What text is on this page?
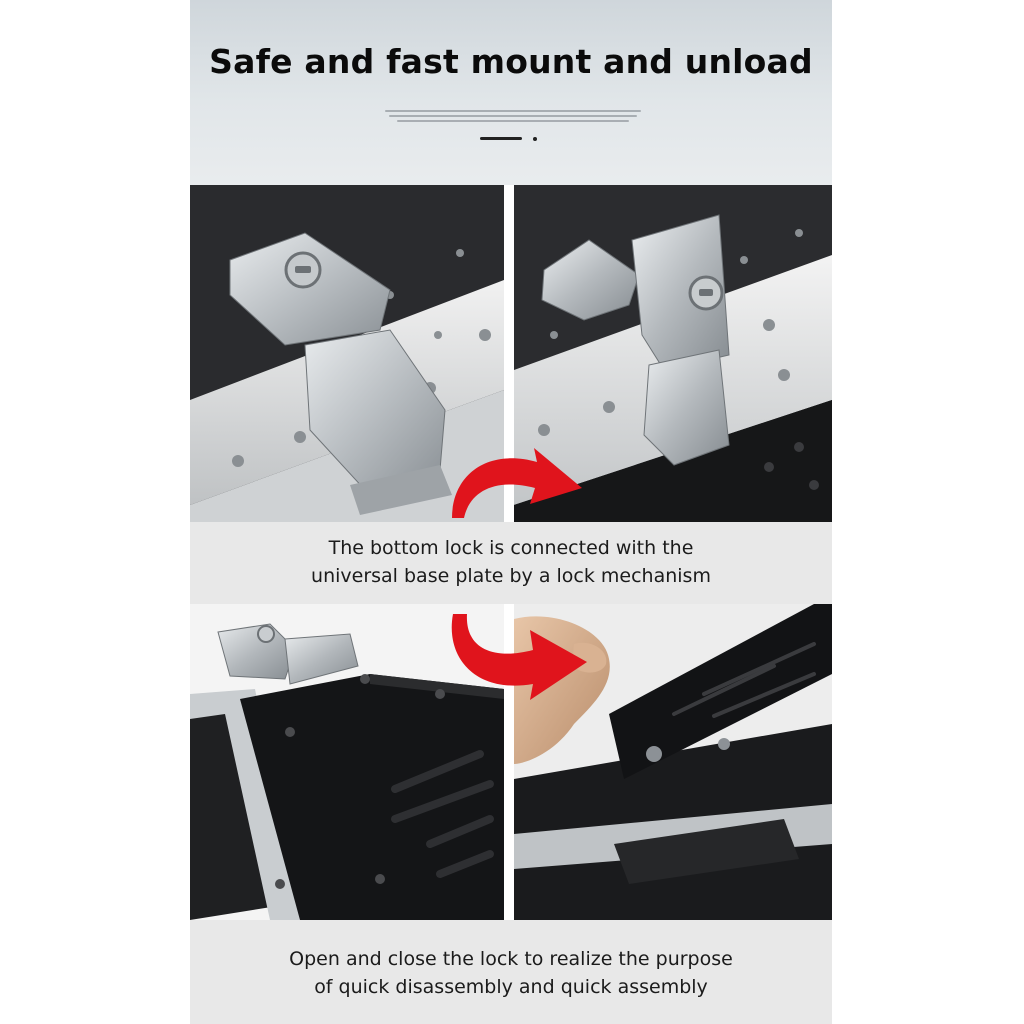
Safe and fast mount and unload
The bottom lock is connected with the
universal base plate by a lock mechanism
Open and close the lock to realize the purpose
of quick disassembly and quick assembly
